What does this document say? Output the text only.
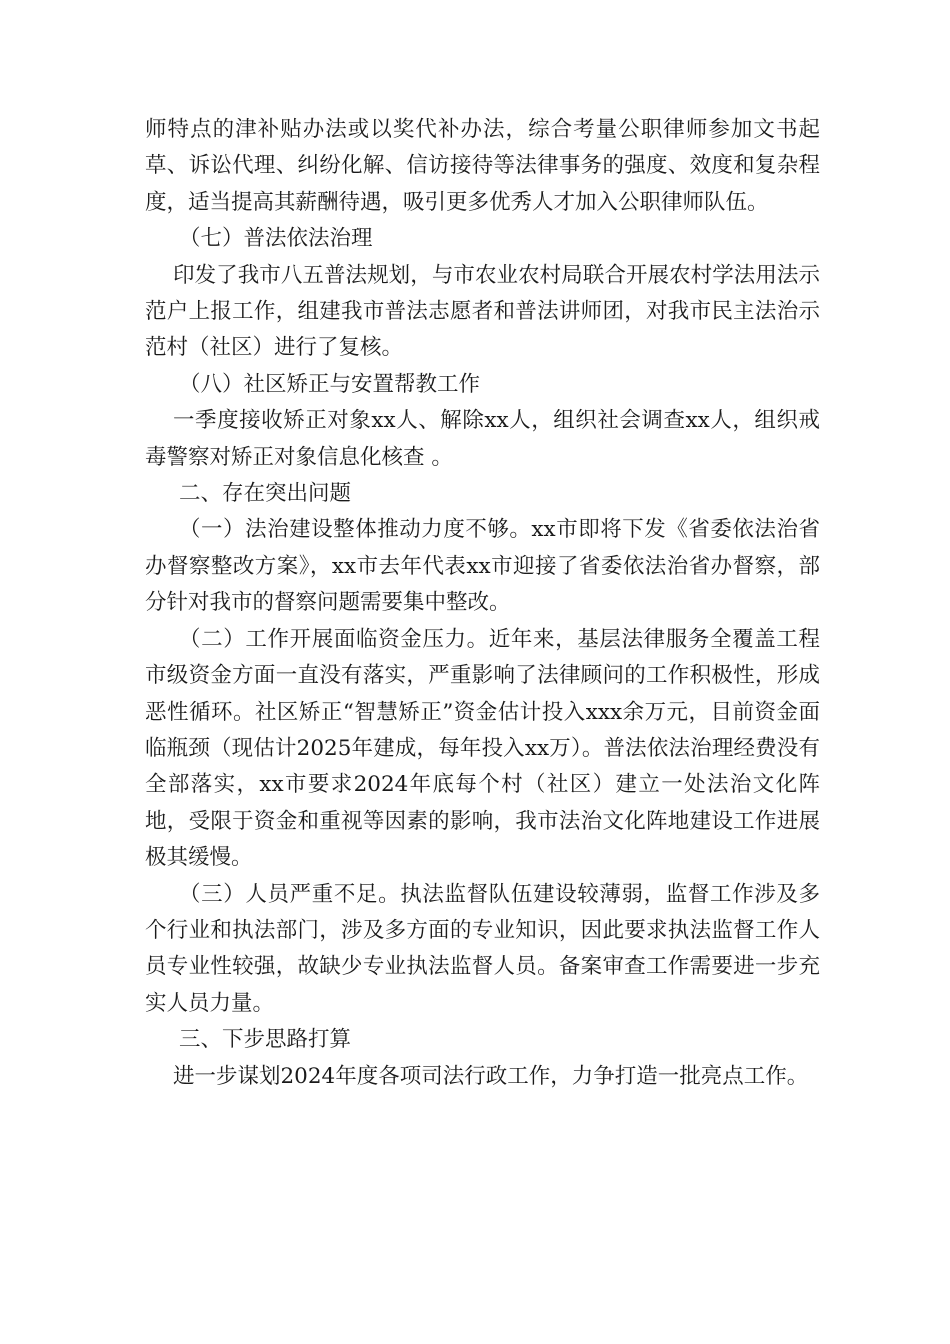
师特点的津补贴办法或以奖代补办法，综合考量公职律师参加文书起草、诉讼代理、纠纷化解、信访接待等法律事务的强度、效度和复杂程度，适当提高其薪酬待遇，吸引更多优秀人才加入公职律师队伍。

（七）普法依法治理

印发了我市八五普法规划，与市农业农村局联合开展农村学法用法示范户上报工作，组建我市普法志愿者和普法讲师团，对我市民主法治示范村（社区）进行了复核。

（八）社区矫正与安置帮教工作

一季度接收矫正对象xx人、解除xx人，组织社会调查xx人，组织戒毒警察对矫正对象信息化核查 。

二、存在突出问题

（一）法治建设整体推动力度不够。xx市即将下发《省委依法治省办督察整改方案》，xx市去年代表xx市迎接了省委依法治省办督察，部分针对我市的督察问题需要集中整改。

（二）工作开展面临资金压力。近年来，基层法律服务全覆盖工程市级资金方面一直没有落实，严重影响了法律顾问的工作积极性，形成恶性循环。社区矫正“智慧矫正”资金估计投入xxx余万元，目前资金面临瓶颈（现估计2025年建成，每年投入xx万）。普法依法治理经费没有全部落实，xx市要求2024年底每个村（社区）建立一处法治文化阵地，受限于资金和重视等因素的影响，我市法治文化阵地建设工作进展极其缓慢。

（三）人员严重不足。执法监督队伍建设较薄弱，监督工作涉及多个行业和执法部门，涉及多方面的专业知识，因此要求执法监督工作人员专业性较强，故缺少专业执法监督人员。备案审查工作需要进一步充实人员力量。

三、下步思路打算

进一步谋划2024年度各项司法行政工作，力争打造一批亮点工作。
